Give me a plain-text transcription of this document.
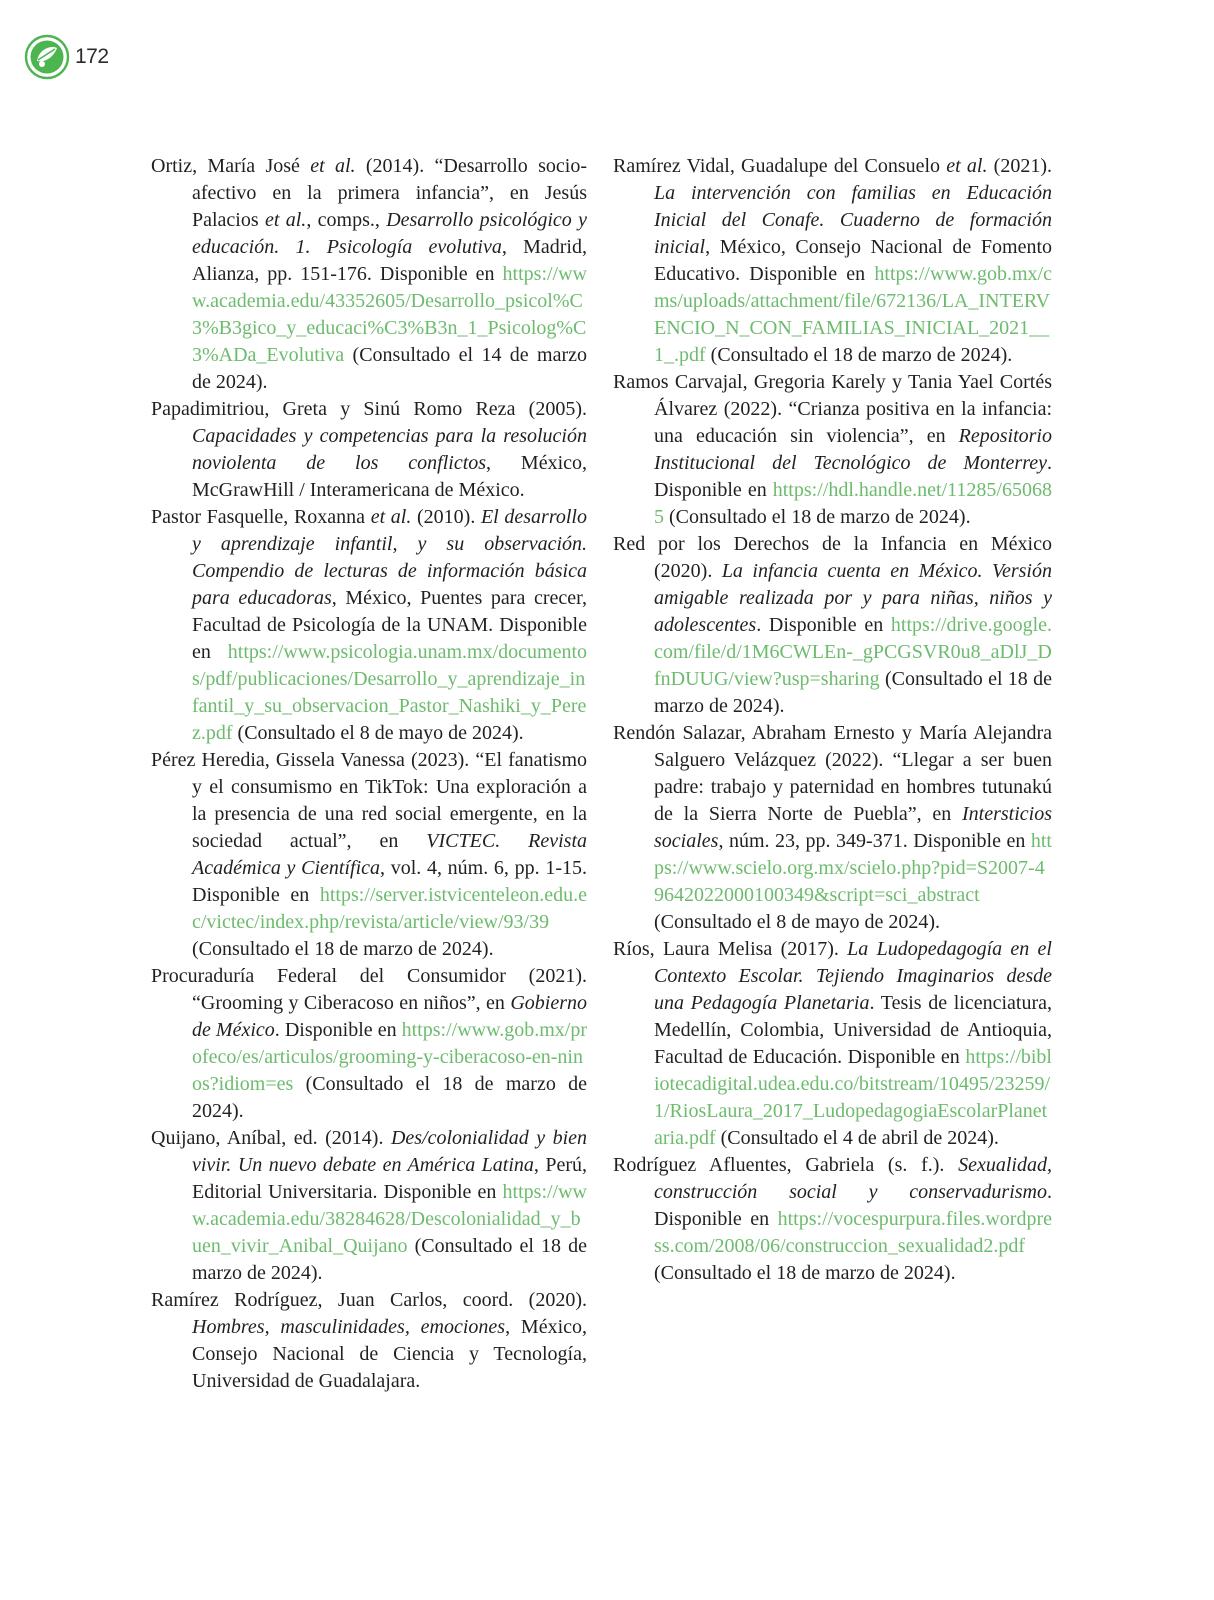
172

Ortiz, María José et al. (2014). “Desarrollo socioafectivo en la primera infancia”, en Jesús Palacios et al., comps., Desarrollo psicológico y educación. 1. Psicología evolutiva, Madrid, Alianza, pp. 151-176. Disponible en https://www.academia.edu/43352605/Desarrollo_psicol%C3%B3gico_y_educaci%C3%B3n_1_Psicolog%C3%ADa_Evolutiva (Consultado el 14 de marzo de 2024).

Papadimitriou, Greta y Sinú Romo Reza (2005). Capacidades y competencias para la resolución noviolenta de los conflictos, México, McGrawHill / Interamericana de México.

Pastor Fasquelle, Roxanna et al. (2010). El desarrollo y aprendizaje infantil, y su observación. Compendio de lecturas de información básica para educadoras, México, Puentes para crecer, Facultad de Psicología de la UNAM. Disponible en https://www.psicologia.unam.mx/documentos/pdf/publicaciones/Desarrollo_y_aprendizaje_infantil_y_su_observacion_Pastor_Nashiki_y_Perez.pdf (Consultado el 8 de mayo de 2024).

Pérez Heredia, Gissela Vanessa (2023). “El fanatismo y el consumismo en TikTok: Una exploración a la presencia de una red social emergente, en la sociedad actual”, en VICTEC. Revista Académica y Científica, vol. 4, núm. 6, pp. 1-15. Disponible en https://server.istvicenteleon.edu.ec/victec/index.php/revista/article/view/93/39 (Consultado el 18 de marzo de 2024).

Procuraduría Federal del Consumidor (2021). “Grooming y Ciberacoso en niños”, en Gobierno de México. Disponible en https://www.gob.mx/profeco/es/articulos/grooming-y-ciberacoso-en-ninos?idiom=es (Consultado el 18 de marzo de 2024).

Quijano, Aníbal, ed. (2014). Des/colonialidad y bien vivir. Un nuevo debate en América Latina, Perú, Editorial Universitaria. Disponible en https://www.academia.edu/38284628/Descolonialidad_y_buen_vivir_Anibal_Quijano (Consultado el 18 de marzo de 2024).

Ramírez Rodríguez, Juan Carlos, coord. (2020). Hombres, masculinidades, emociones, México, Consejo Nacional de Ciencia y Tecnología, Universidad de Guadalajara.

Ramírez Vidal, Guadalupe del Consuelo et al. (2021). La intervención con familias en Educación Inicial del Conafe. Cuaderno de formación inicial, México, Consejo Nacional de Fomento Educativo. Disponible en https://www.gob.mx/cms/uploads/attachment/file/672136/LA_INTERVENCIO_N_CON_FAMILIAS_INICIAL_2021__1_.pdf (Consultado el 18 de marzo de 2024).

Ramos Carvajal, Gregoria Karely y Tania Yael Cortés Álvarez (2022). “Crianza positiva en la infancia: una educación sin violencia”, en Repositorio Institucional del Tecnológico de Monterrey. Disponible en https://hdl.handle.net/11285/650685 (Consultado el 18 de marzo de 2024).

Red por los Derechos de la Infancia en México (2020). La infancia cuenta en México. Versión amigable realizada por y para niñas, niños y adolescentes. Disponible en https://drive.google.com/file/d/1M6CWLEn-_gPCGSVR0u8_aDlJ_DfnDUUG/view?usp=sharing (Consultado el 18 de marzo de 2024).

Rendón Salazar, Abraham Ernesto y María Alejandra Salguero Velázquez (2022). “Llegar a ser buen padre: trabajo y paternidad en hombres tutunakú de la Sierra Norte de Puebla”, en Intersticios sociales, núm. 23, pp. 349-371. Disponible en https://www.scielo.org.mx/scielo.php?pid=S2007-49642022000100349&script=sci_abstract (Consultado el 8 de mayo de 2024).

Ríos, Laura Melisa (2017). La Ludopedagogía en el Contexto Escolar. Tejiendo Imaginarios desde una Pedagogía Planetaria. Tesis de licenciatura, Medellín, Colombia, Universidad de Antioquia, Facultad de Educación. Disponible en https://bibliotecadigital.udea.edu.co/bitstream/10495/23259/1/RiosLaura_2017_LudopedagogiaEscolarPlanetaria.pdf (Consultado el 4 de abril de 2024).

Rodríguez Afluentes, Gabriela (s. f.). Sexualidad, construcción social y conservadurismo. Disponible en https://vocespurpura.files.wordpress.com/2008/06/construccion_sexualidad2.pdf (Consultado el 18 de marzo de 2024).
